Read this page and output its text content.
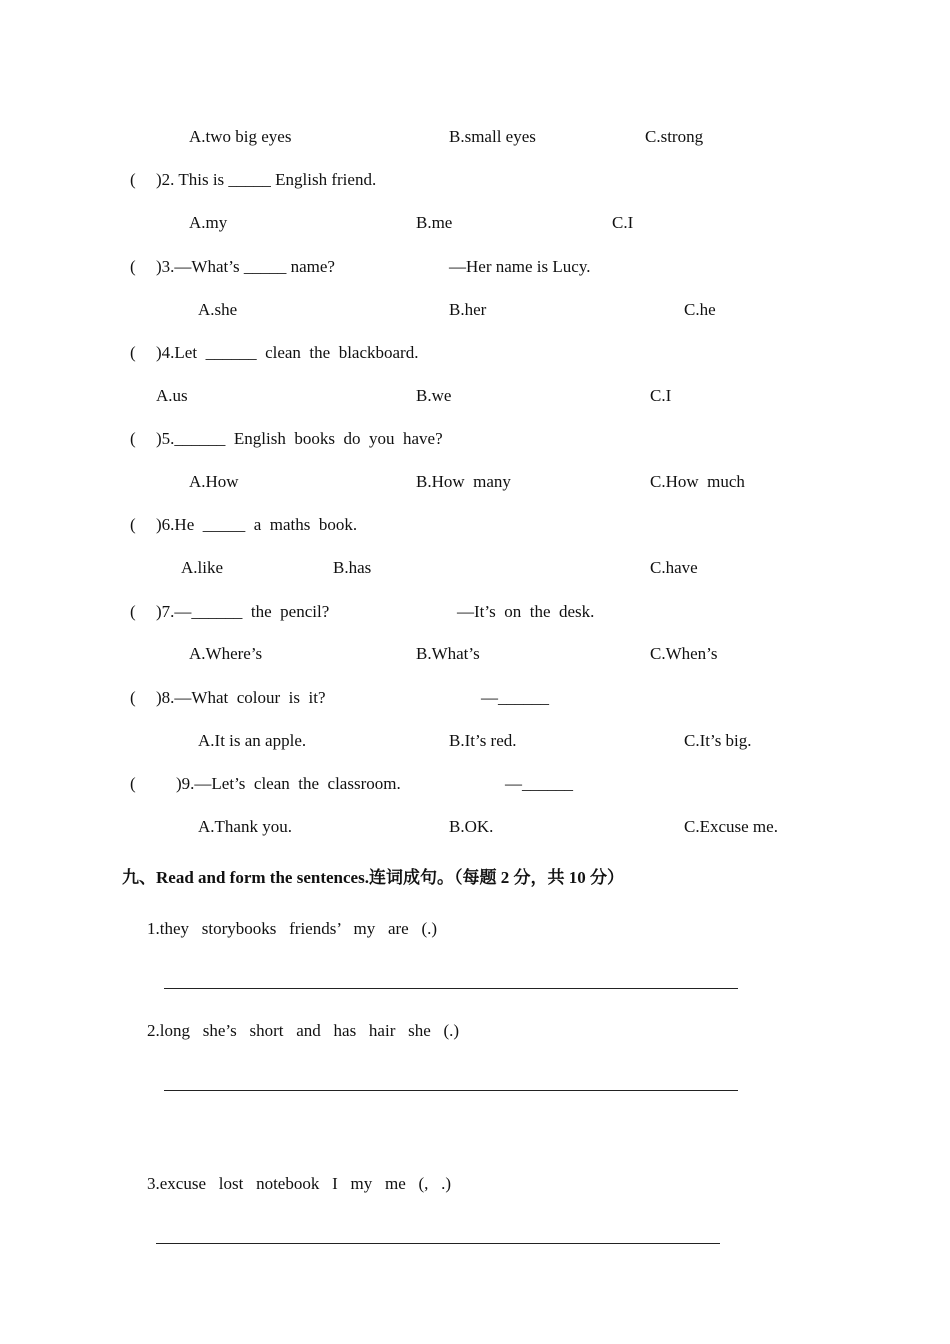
A.two big eyes	B.small eyes	C.strong
( )2. This is _____ English friend.
A.my	B.me	C.I
( )3.—What’s _____ name?	—Her name is Lucy.
A.she	B.her	C.he
( )4.Let  ______  clean  the  blackboard.
A.us	B.we	C.I
( )5.______  English  books  do  you  have?
A.How	B.How  many	C.How  much
( )6.He  _____  a  maths  book.
A.like	B.has	C.have
( )7.—______  the  pencil?	—It’s  on  the  desk.
A.Where’s	B.What’s	C.When’s
( )8.—What  colour  is  it?	—______
A.It is an apple.	B.It’s red.	C.It’s big.
( )9.—Let’s  clean  the  classroom.	—______
A.Thank you.	B.OK.	C.Excuse me.
九、Read and form the sentences.连词成句。（每题 2 分，共 10 分）
1.they   storybooks   friends’   my   are   (.)
2.long   she’s   short   and   has   hair   she   (.)
3.excuse   lost   notebook   I   my   me   (,   .)
